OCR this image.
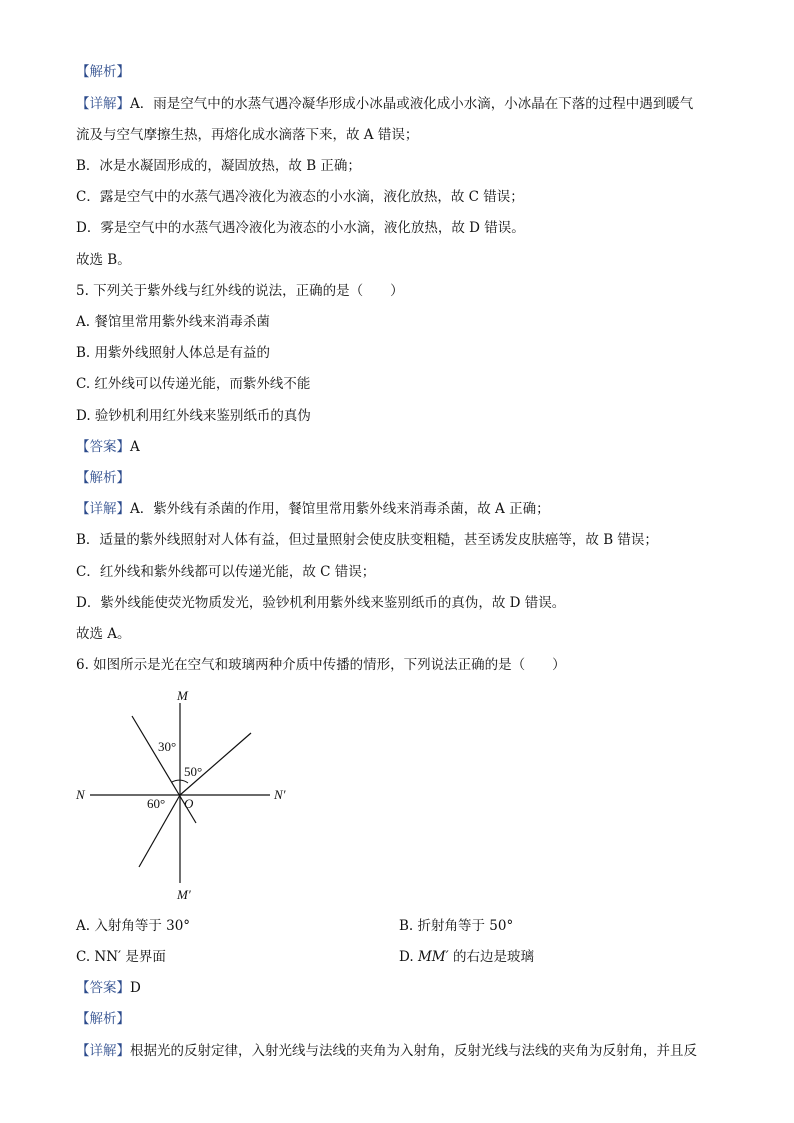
【解析】
【详解】A．雨是空气中的水蒸气遇冷凝华形成小冰晶或液化成小水滴，小冰晶在下落的过程中遇到暖气
流及与空气摩擦生热，再熔化成水滴落下来，故 A 错误；
B．冰是水凝固形成的，凝固放热，故 B 正确；
C．露是空气中的水蒸气遇冷液化为液态的小水滴，液化放热，故 C 错误；
D．雾是空气中的水蒸气遇冷液化为液态的小水滴，液化放热，故 D 错误。
故选 B。
5. 下列关于紫外线与红外线的说法，正确的是（　　）
A. 餐馆里常用紫外线来消毒杀菌
B. 用紫外线照射人体总是有益的
C. 红外线可以传递光能，而紫外线不能
D. 验钞机利用红外线来鉴别纸币的真伪
【答案】A
【解析】
【详解】A．紫外线有杀菌的作用，餐馆里常用紫外线来消毒杀菌，故 A 正确；
B．适量的紫外线照射对人体有益，但过量照射会使皮肤变粗糙，甚至诱发皮肤癌等，故 B 错误；
C．红外线和紫外线都可以传递光能，故 C 错误；
D．紫外线能使荧光物质发光，验钞机利用紫外线来鉴别纸币的真伪，故 D 错误。
故选 A。
6. 如图所示是光在空气和玻璃两种介质中传播的情形，下列说法正确的是（　　）
M
M′
N	N′
O
30°
50°
60°
A. 入射角等于 30°	B. 折射角等于 50°
C. NN′ 是界面	D. MM′ 的右边是玻璃
【答案】D
【解析】
【详解】根据光的反射定律，入射光线与法线的夹角为入射角，反射光线与法线的夹角为反射角，并且反
